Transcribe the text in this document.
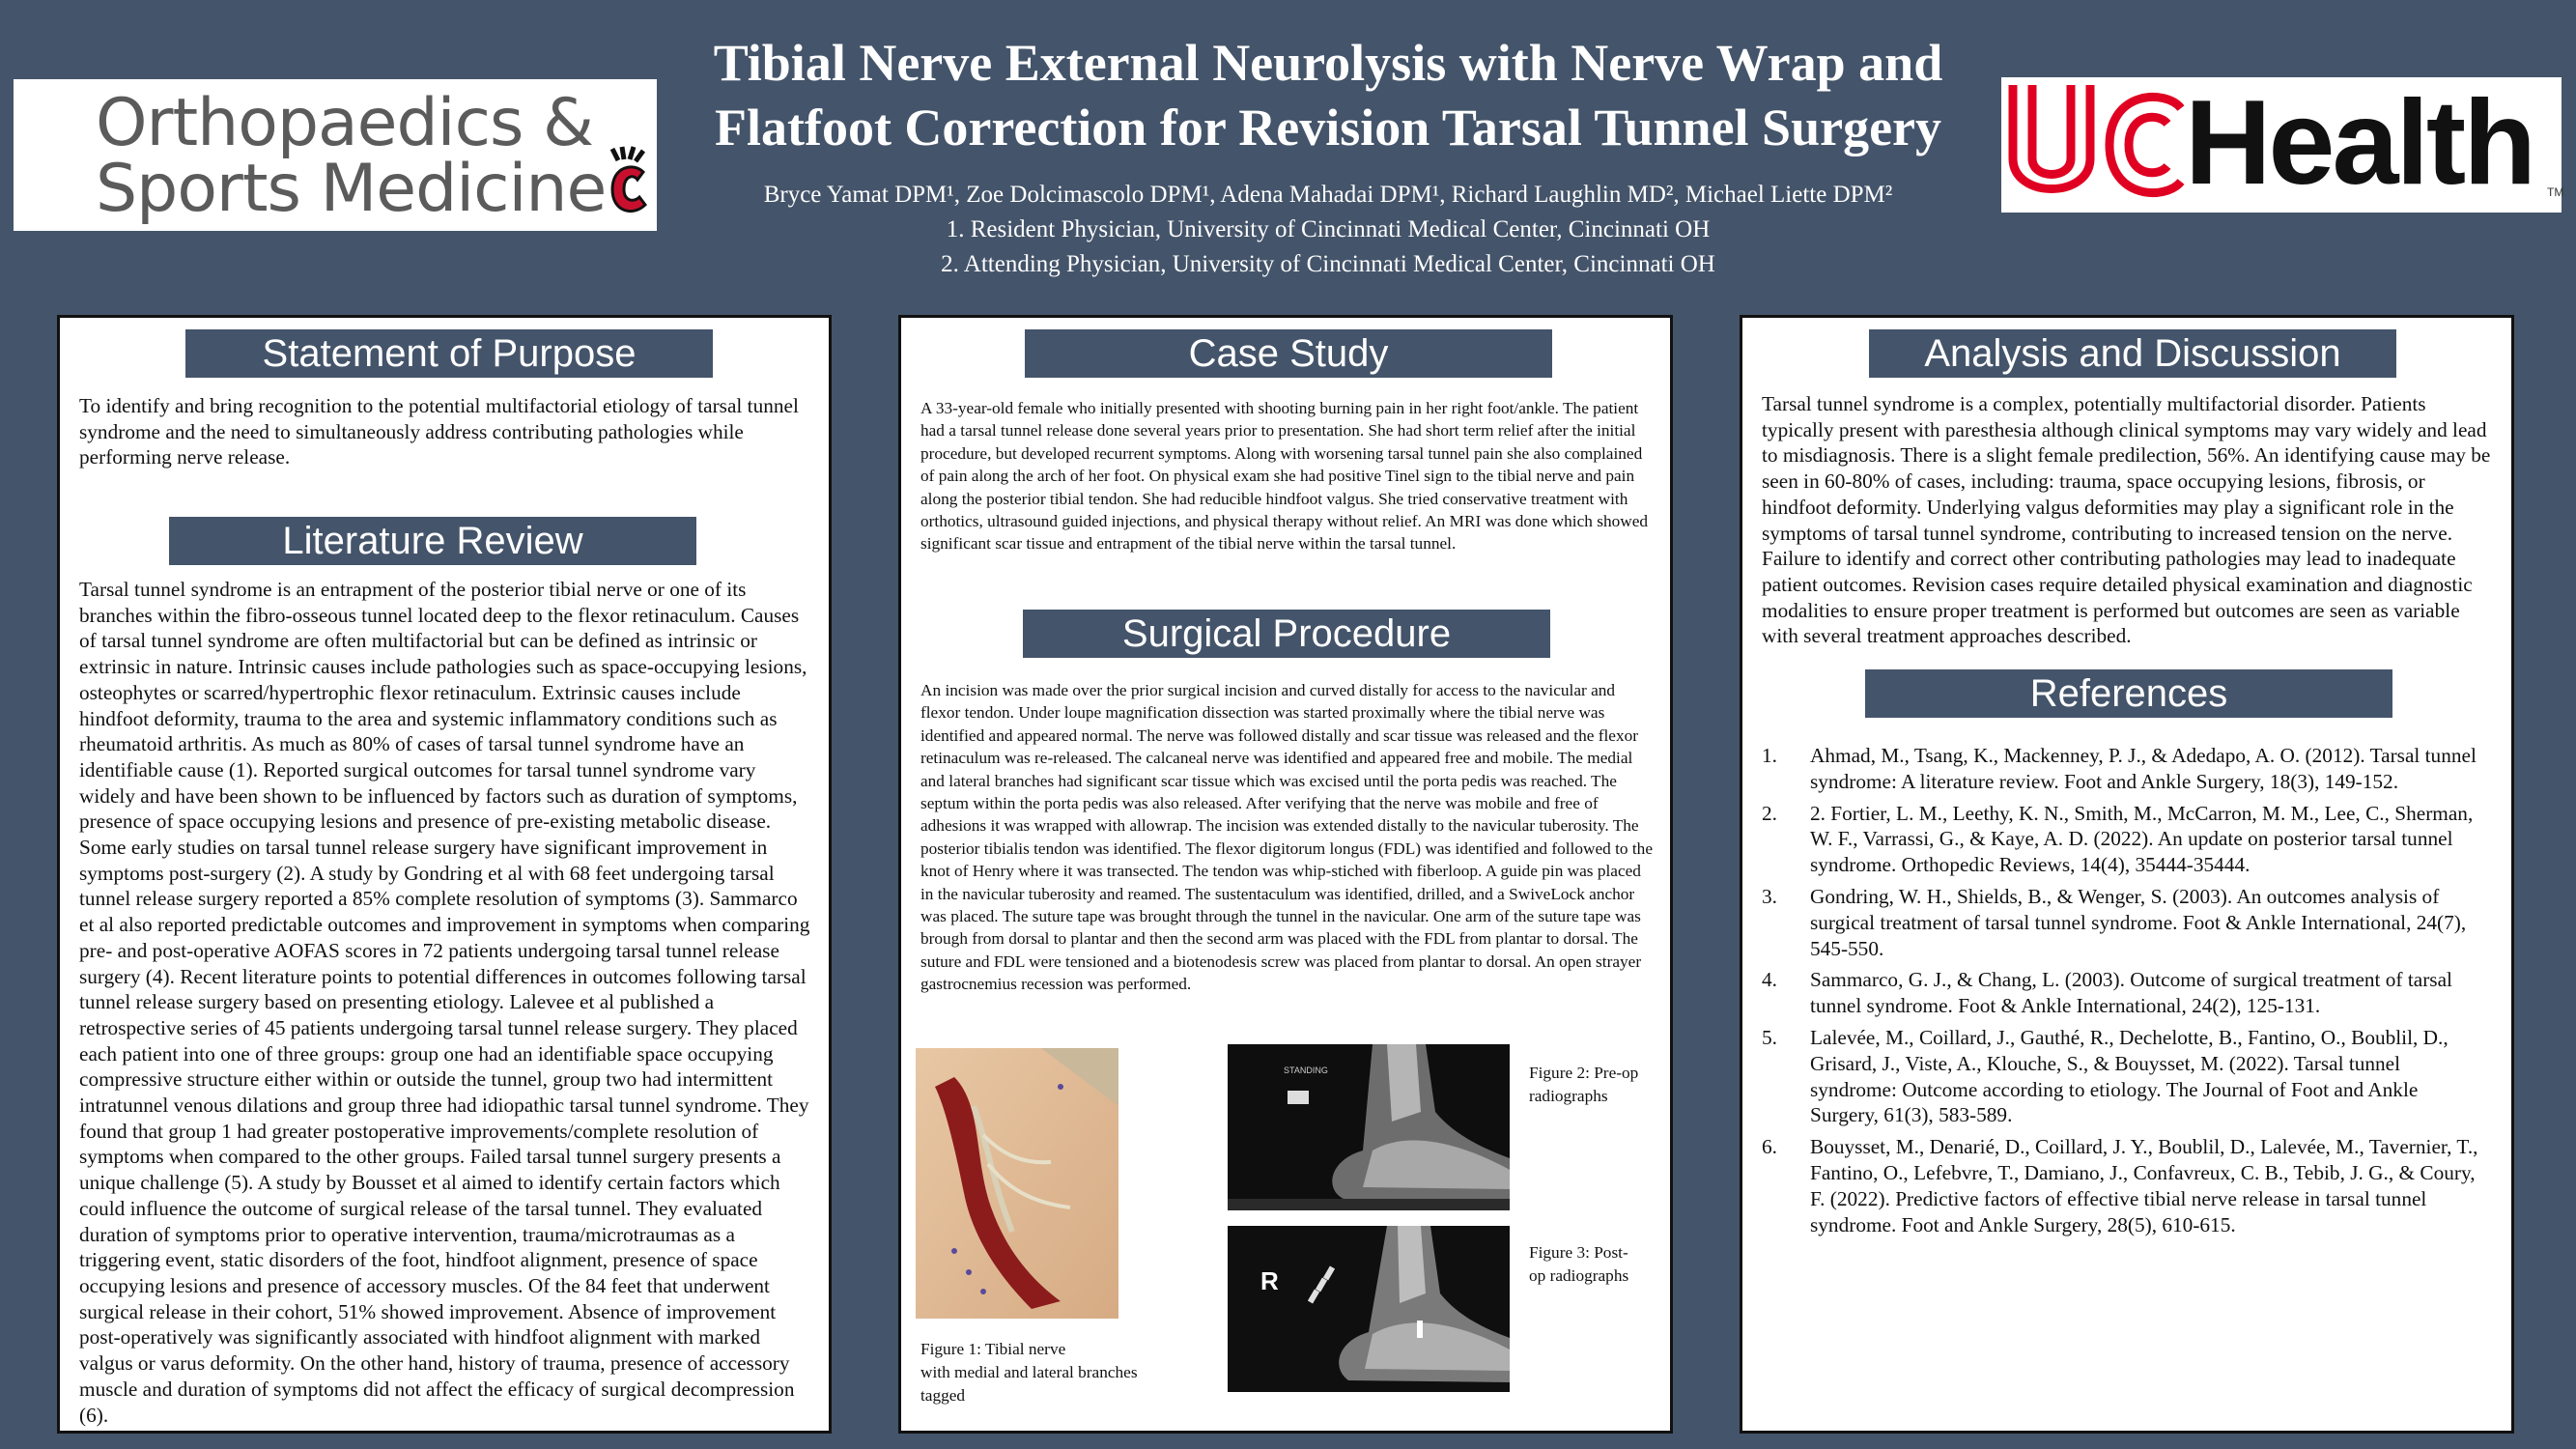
Orthopaedics &
Sports Medicine	Health TM
Tibial Nerve External Neurolysis with Nerve Wrap and
Flatfoot Correction for Revision Tarsal Tunnel Surgery
Bryce Yamat DPM¹, Zoe Dolcimascolo DPM¹, Adena Mahadai DPM¹, Richard Laughlin MD², Michael Liette DPM²
1. Resident Physician, University of Cincinnati Medical Center, Cincinnati OH
2. Attending Physician, University of Cincinnati Medical Center, Cincinnati OH
Statement of Purpose

To identify and bring recognition to the potential multifactorial etiology of tarsal tunnel syndrome and the need to simultaneously address contributing pathologies while performing nerve release.

Literature Review

Tarsal tunnel syndrome is an entrapment of the posterior tibial nerve or one of its branches within the fibro-osseous tunnel located deep to the flexor retinaculum. Causes of tarsal tunnel syndrome are often multifactorial but can be defined as intrinsic or extrinsic in nature. Intrinsic causes include pathologies such as space-occupying lesions, osteophytes or scarred/hypertrophic flexor retinaculum. Extrinsic causes include hindfoot deformity, trauma to the area and systemic inflammatory conditions such as rheumatoid arthritis. As much as 80% of cases of tarsal tunnel syndrome have an identifiable cause (1). Reported surgical outcomes for tarsal tunnel syndrome vary widely and have been shown to be influenced by factors such as duration of symptoms, presence of space occupying lesions and presence of pre-existing metabolic disease. Some early studies on tarsal tunnel release surgery have significant improvement in symptoms post-surgery (2). A study by Gondring et al with 68 feet undergoing tarsal tunnel release surgery reported a 85% complete resolution of symptoms (3). Sammarco et al also reported predictable outcomes and improvement in symptoms when comparing pre- and post-operative AOFAS scores in 72 patients undergoing tarsal tunnel release surgery (4). Recent literature points to potential differences in outcomes following tarsal tunnel release surgery based on presenting etiology. Lalevee et al published a retrospective series of 45 patients undergoing tarsal tunnel release surgery. They placed each patient into one of three groups: group one had an identifiable space occupying compressive structure either within or outside the tunnel, group two had intermittent intratunnel venous dilations and group three had idiopathic tarsal tunnel syndrome. They found that group 1 had greater postoperative improvements/complete resolution of symptoms when compared to the other groups. Failed tarsal tunnel surgery presents a unique challenge (5). A study by Bousset et al aimed to identify certain factors which could influence the outcome of surgical release of the tarsal tunnel. They evaluated duration of symptoms prior to operative intervention, trauma/microtraumas as a triggering event, static disorders of the foot, hindfoot alignment, presence of space occupying lesions and presence of accessory muscles. Of the 84 feet that underwent surgical release in their cohort, 51% showed improvement. Absence of improvement post-operatively was significantly associated with hindfoot alignment with marked valgus or varus deformity. On the other hand, history of trauma, presence of accessory muscle and duration of symptoms did not affect the efficacy of surgical decompression (6).

Case Study

A 33-year-old female who initially presented with shooting burning pain in her right foot/ankle. The patient had a tarsal tunnel release done several years prior to presentation. She had short term relief after the initial procedure, but developed recurrent symptoms. Along with worsening tarsal tunnel pain she also complained of pain along the arch of her foot. On physical exam she had positive Tinel sign to the tibial nerve and pain along the posterior tibial tendon. She had reducible hindfoot valgus. She tried conservative treatment with orthotics, ultrasound guided injections, and physical therapy without relief. An MRI was done which showed significant scar tissue and entrapment of the tibial nerve within the tarsal tunnel.

Surgical Procedure

An incision was made over the prior surgical incision and curved distally for access to the navicular and flexor tendon. Under loupe magnification dissection was started proximally where the tibial nerve was identified and appeared normal. The nerve was followed distally and scar tissue was released and the flexor retinaculum was re-released. The calcaneal nerve was identified and appeared free and mobile. The medial and lateral branches had significant scar tissue which was excised until the porta pedis was reached. The septum within the porta pedis was also released. After verifying that the nerve was mobile and free of adhesions it was wrapped with allowrap. The incision was extended distally to the navicular tuberosity. The posterior tibialis tendon was identified. The flexor digitorum longus (FDL) was identified and followed to the knot of Henry where it was transected. The tendon was whip-stiched with fiberloop. A guide pin was placed in the navicular tuberosity and reamed. The sustentaculum was identified, drilled, and a SwiveLock anchor was placed. The suture tape was brought through the tunnel in the navicular. One arm of the suture tape was brough from dorsal to plantar and then the second arm was placed with the FDL from plantar to dorsal. The suture and FDL were tensioned and a biotenodesis screw was placed from plantar to dorsal. An open strayer gastrocnemius recession was performed.

Figure 1: Tibial nerve
with medial and lateral branches
tagged
STANDING	Figure 2: Pre-op
radiographs
R
Figure 3: Post-
op radiographs
Analysis and Discussion

Tarsal tunnel syndrome is a complex, potentially multifactorial disorder. Patients typically present with paresthesia although clinical symptoms may vary widely and lead to misdiagnosis. There is a slight female predilection, 56%. An identifying cause may be seen in 60-80% of cases, including: trauma, space occupying lesions, fibrosis, or hindfoot deformity. Underlying valgus deformities may play a significant role in the symptoms of tarsal tunnel syndrome, contributing to increased tension on the nerve. Failure to identify and correct other contributing pathologies may lead to inadequate patient outcomes. Revision cases require detailed physical examination and diagnostic modalities to ensure proper treatment is performed but outcomes are seen as variable with several treatment approaches described.

References
1. Ahmad, M., Tsang, K., Mackenney, P. J., & Adedapo, A. O. (2012). Tarsal tunnel syndrome: A literature review. Foot and Ankle Surgery, 18(3), 149-152.
2. 2. Fortier, L. M., Leethy, K. N., Smith, M., McCarron, M. M., Lee, C., Sherman, W. F., Varrassi, G., & Kaye, A. D. (2022). An update on posterior tarsal tunnel syndrome. Orthopedic Reviews, 14(4), 35444-35444.
3. Gondring, W. H., Shields, B., & Wenger, S. (2003). An outcomes analysis of surgical treatment of tarsal tunnel syndrome. Foot & Ankle International, 24(7), 545-550.
4. Sammarco, G. J., & Chang, L. (2003). Outcome of surgical treatment of tarsal tunnel syndrome. Foot & Ankle International, 24(2), 125-131.
5. Lalevée, M., Coillard, J., Gauthé, R., Dechelotte, B., Fantino, O., Boublil, D., Grisard, J., Viste, A., Klouche, S., & Bouysset, M. (2022). Tarsal tunnel syndrome: Outcome according to etiology. The Journal of Foot and Ankle Surgery, 61(3), 583-589.
6. Bouysset, M., Denarié, D., Coillard, J. Y., Boublil, D., Lalevée, M., Tavernier, T., Fantino, O., Lefebvre, T., Damiano, J., Confavreux, C. B., Tebib, J. G., & Coury, F. (2022). Predictive factors of effective tibial nerve release in tarsal tunnel syndrome. Foot and Ankle Surgery, 28(5), 610-615.
